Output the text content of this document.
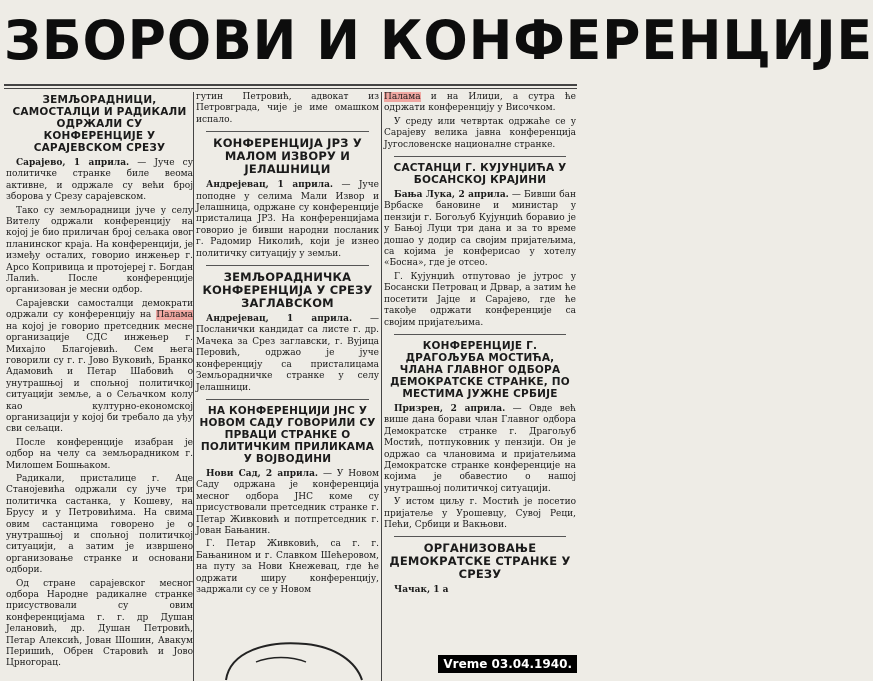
ЗБОРОВИ И КОНФЕРЕНЦИЈЕ
ЗЕМЉОРАДНИЦИ, САМОСТАЛЦИ И РАДИКАЛИ ОДРЖАЛИ СУ КОНФЕРЕНЦИЈЕ У САРАЈЕВСКОМ СРЕЗУ

Сарајево, 1 априла. — Јуче су политичке странке биле веома активне, и одржале су већи број зборова у Срезу сарајевском.

Тако су земљорадници јуче у селу Вителу одржали конференцију на којој је био приличан број сељака овог планинског краја. На конференцији, је између осталих, говорио инжењер г. Арсо Копривица и протојереј г. Богдан Лалић. После конференције организован је месни одбор.

Сарајевски самосталци демократи одржали су конференцију на Палама на којој је говорио претседник месне организације СДС инжењер г. Михајло Благојевић. Сем њега говорили су г. г. Јово Вуковић, Бранко Адамовић и Петар Шабовић о унутрашњој и спољној политичкој ситуацији земље, а о Сељачком колу као културно-економској организацији у којој би требало да уђу сви сељаци.

После конференције изабран је одбор на челу са земљорадником г. Милошем Бошњаком.

Радикали, присталице г. Аце Станојевића одржали су јуче три политичка састанка, у Кошеву, на Брусу и у Петровићима. На свима овим састанцима говорено је о унутрашњој и спољној политичкој ситуацији, а затим је извршено организовање странке и основани одбори.

Од стране сарајевског месног одбора Народне радикалне странке присуствовали су овим конференцијама г. г. др Душан Јелановић, др. Душан Петровић, Петар Алексић, Јован Шошин, Авакум Перишић, Обрен Старовић и Јово Црногорац.

гутин Петровић, адвокат из Петровграда, чије је име омашком испало.

КОНФЕРЕНЦИЈА ЈРЗ У МАЛОМ ИЗВОРУ И ЈЕЛАШНИЦИ

Андрејевац, 1 априла. — Јуче поподне у селима Мали Извор и Јелашница, одржане су конференције присталица ЈРЗ. На конференцијама говорио је бивши народни посланик г. Радомир Николић, који је изнео политичку ситуацију у земљи.

ЗЕМЉОРАДНИЧКА КОНФЕРЕНЦИЈА У СРЕЗУ ЗАГЛАВСКОМ

Андрејевац, 1 априла. — Посланички кандидат са листе г. др. Мачека за Срез заглавски, г. Вујица Перовић, одржао је јуче конференцију са присталицама Земљорадничке странке у селу Јелашници.

НА КОНФЕРЕНЦИЈИ ЈНС У НОВОМ САДУ ГОВОРИЛИ СУ ПРВАЦИ СТРАНКЕ О ПОЛИТИЧКИМ ПРИЛИКАМА У ВОЈВОДИНИ

Нови Сад, 2 априла. — У Новом Саду одржана је конференција месног одбора ЈНС коме су присуствовали претседник странке г. Петар Живковић и потпретседник г. Јован Бањанин.

Г. Петар Живковић, са г. г. Бањанином и г. Славком Шећеровом, на путу за Нови Кнежевац, где ће одржати ширу конференцију, задржали су се у Новом

Палама и на Илиџи, а сутра ће одржати конференцију у Височком.

У среду или четвртак одржаће се у Сарајеву велика јавна конференција Југословенске националне странке.

САСТАНЦИ Г. КУЈУНЏИЋА У БОСАНСКОЈ КРАЈИНИ

Бања Лука, 2 априла. — Бивши бан Врбаске бановине и министар у пензији г. Богољуб Кујунџић боравио је у Бањој Луци три дана и за то време дошао у додир са својим пријатељима, са којима је конферисао у хотелу «Босна», где је отсео.

Г. Кујунџић отпутовао је јутрос у Босански Петровац и Дрвар, а затим ће посетити Јајце и Сарајево, где ће такође одржати конференције са својим пријатељима.

КОНФЕРЕНЦИЈЕ Г. ДРАГОЉУБА МОСТИЋА, ЧЛАНА ГЛАВНОГ ОДБОРА ДЕМОКРАТСКЕ СТРАНКЕ, ПО МЕСТИМА ЈУЖНЕ СРБИЈЕ

Призрен, 2 априла. — Овде већ више дана борави члан Главног одбора Демократске странке г. Драгољуб Мостић, потпуковник у пензији. Он је одржао са члановима и пријатељима Демократске странке конференције на којима је обавестио о нашој унутрашњој политичкој ситуацији.

У истом циљу г. Мостић је посетио пријатеље у Урошевцу, Сувој Реци, Пећи, Србици и Вакњови.

ОРГАНИЗОВАЊЕ ДЕМОКРАТСКЕ СТРАНКЕ У СРЕЗУ

Чачак, 1 а

Vreme 03.04.1940.
